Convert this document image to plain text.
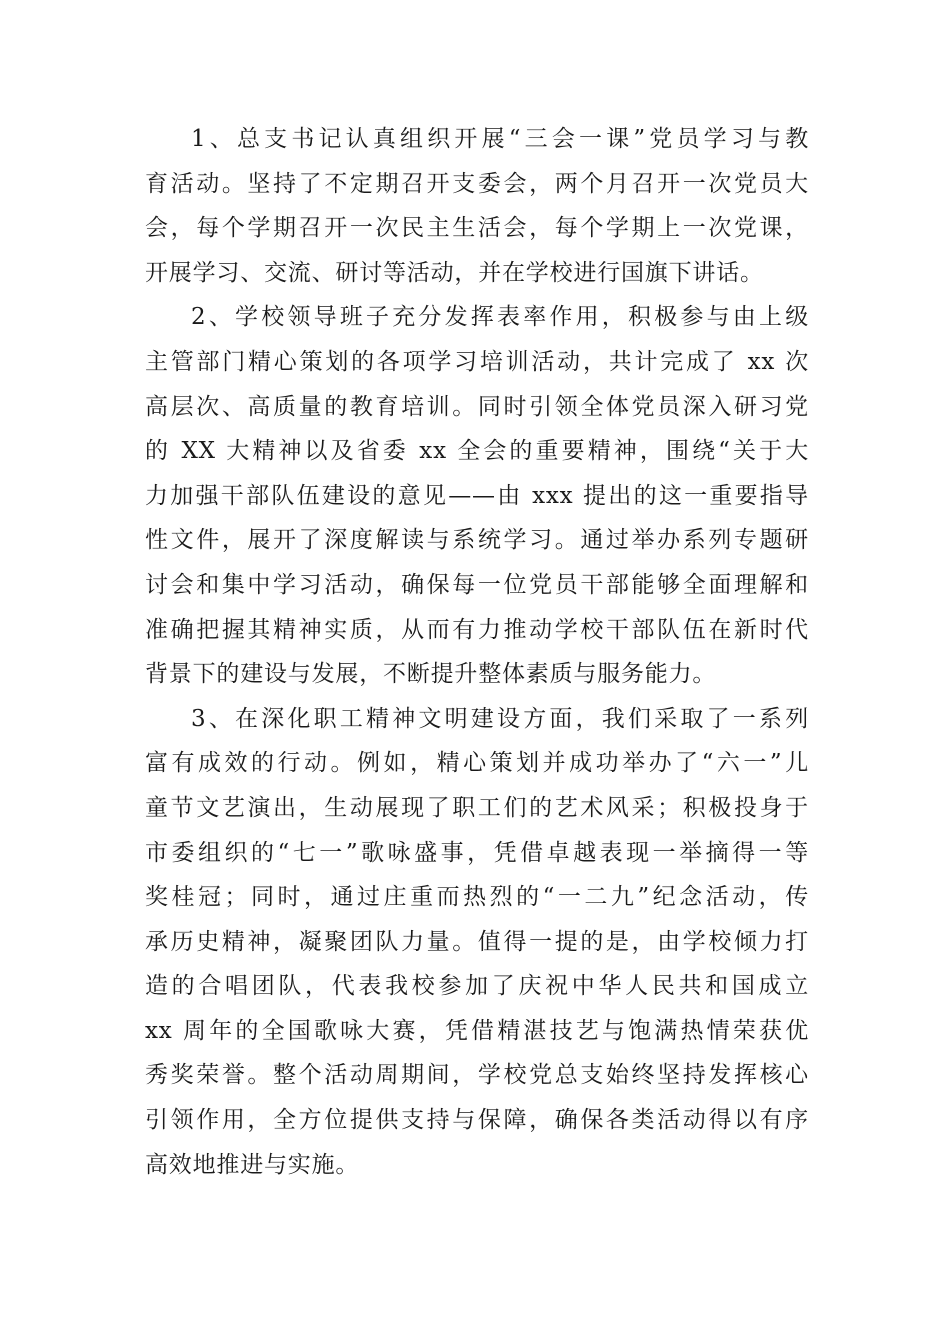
1、总支书记认真组织开展“三会一课”党员学习与教
育活动。坚持了不定期召开支委会，两个月召开一次党员大
会，每个学期召开一次民主生活会，每个学期上一次党课，
开展学习、交流、研讨等活动，并在学校进行国旗下讲话。
2、学校领导班子充分发挥表率作用，积极参与由上级
主管部门精心策划的各项学习培训活动，共计完成了 xx 次
高层次、高质量的教育培训。同时引领全体党员深入研习党
的 XX 大精神以及省委 xx 全会的重要精神，围绕“关于大
力加强干部队伍建设的意见——由 xxx 提出的这一重要指导
性文件，展开了深度解读与系统学习。通过举办系列专题研
讨会和集中学习活动，确保每一位党员干部能够全面理解和
准确把握其精神实质，从而有力推动学校干部队伍在新时代
背景下的建设与发展，不断提升整体素质与服务能力。
3、在深化职工精神文明建设方面，我们采取了一系列
富有成效的行动。例如，精心策划并成功举办了“六一”儿
童节文艺演出，生动展现了职工们的艺术风采；积极投身于
市委组织的“七一”歌咏盛事，凭借卓越表现一举摘得一等
奖桂冠；同时，通过庄重而热烈的“一二九”纪念活动，传
承历史精神，凝聚团队力量。值得一提的是，由学校倾力打
造的合唱团队，代表我校参加了庆祝中华人民共和国成立
xx 周年的全国歌咏大赛，凭借精湛技艺与饱满热情荣获优
秀奖荣誉。整个活动周期间，学校党总支始终坚持发挥核心
引领作用，全方位提供支持与保障，确保各类活动得以有序
高效地推进与实施。
